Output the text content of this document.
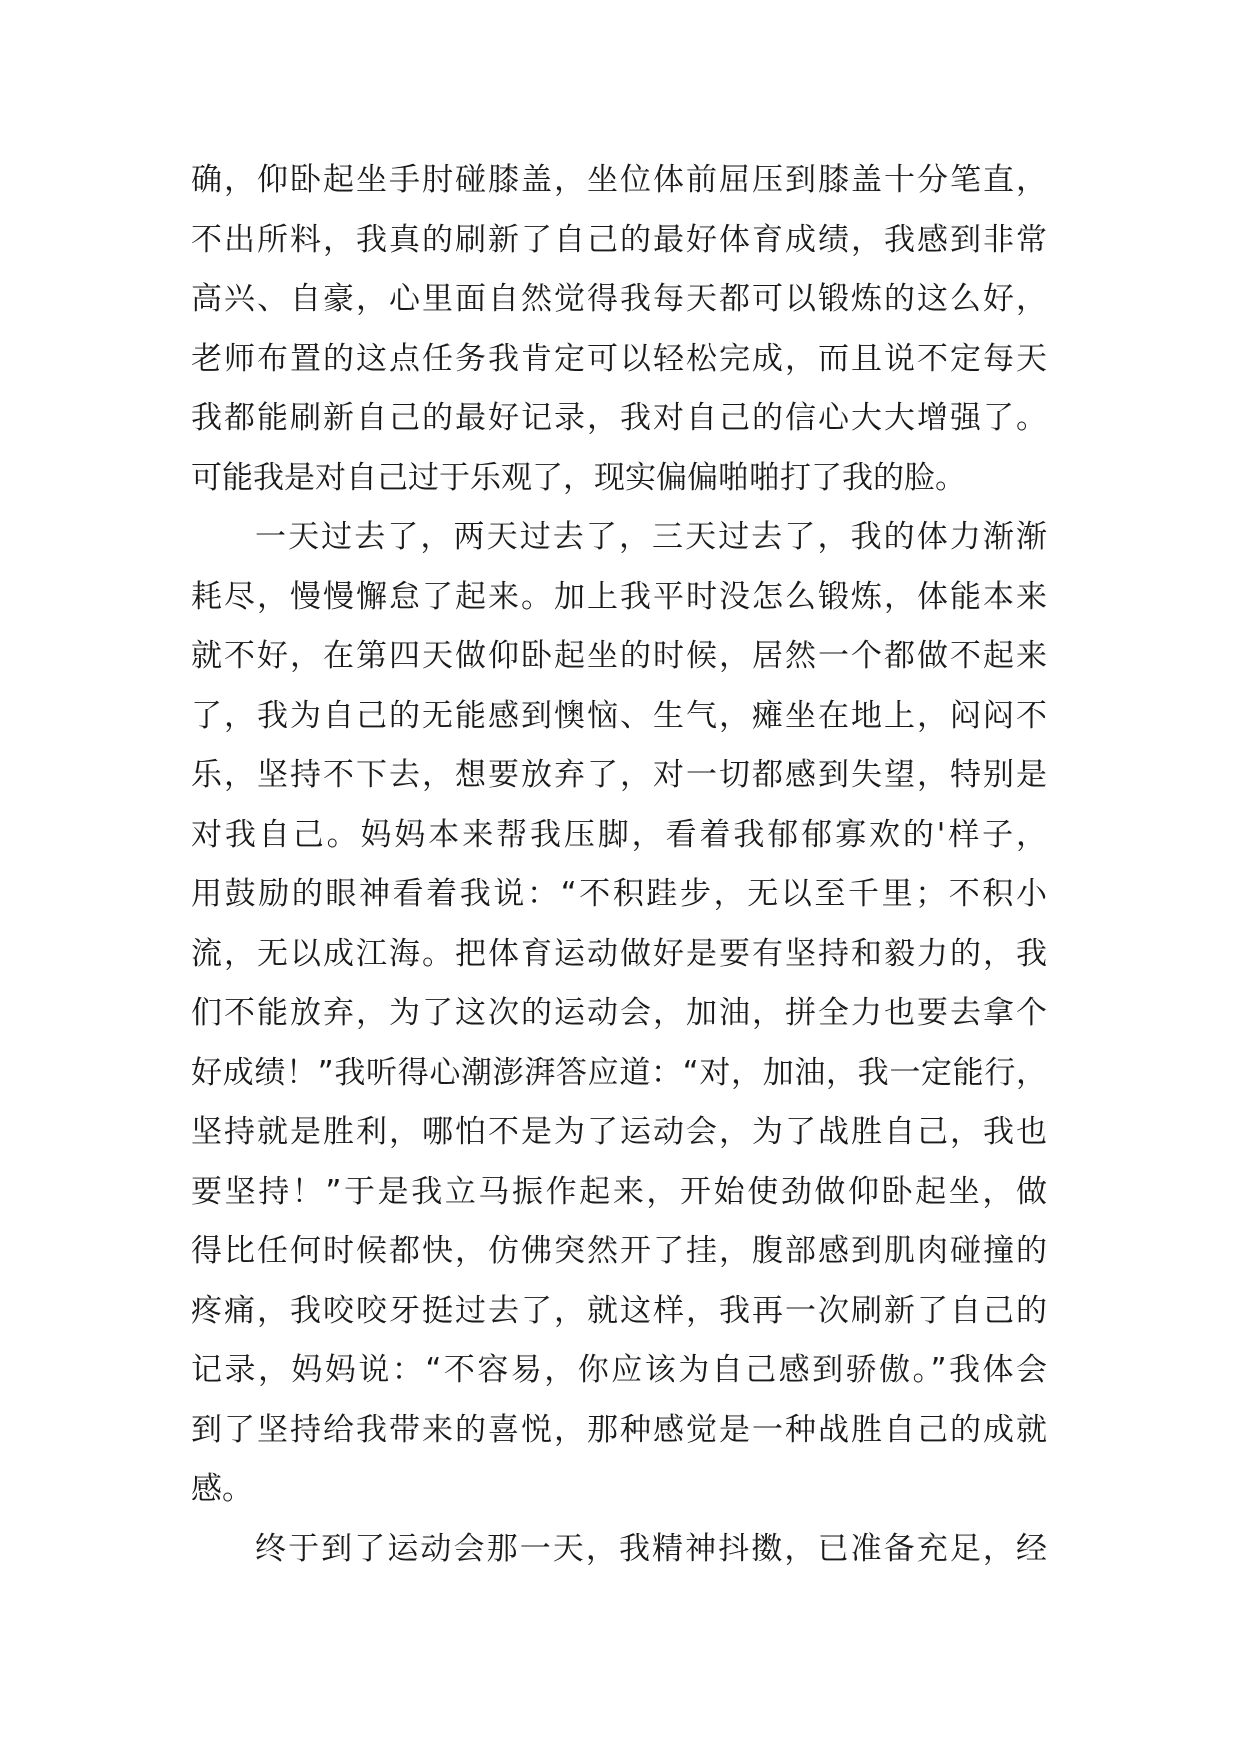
确，仰卧起坐手肘碰膝盖，坐位体前屈压到膝盖十分笔直，
不出所料，我真的刷新了自己的最好体育成绩，我感到非常
高兴、自豪，心里面自然觉得我每天都可以锻炼的这么好，
老师布置的这点任务我肯定可以轻松完成，而且说不定每天
我都能刷新自己的最好记录，我对自己的信心大大增强了。
可能我是对自己过于乐观了，现实偏偏啪啪打了我的脸。
一天过去了，两天过去了，三天过去了，我的体力渐渐
耗尽，慢慢懈怠了起来。加上我平时没怎么锻炼，体能本来
就不好，在第四天做仰卧起坐的时候，居然一个都做不起来
了，我为自己的无能感到懊恼、生气，瘫坐在地上，闷闷不
乐，坚持不下去，想要放弃了，对一切都感到失望，特别是
对我自己。妈妈本来帮我压脚，看着我郁郁寡欢的'样子，
用鼓励的眼神看着我说：“不积跬步，无以至千里；不积小
流，无以成江海。把体育运动做好是要有坚持和毅力的，我
们不能放弃，为了这次的运动会，加油，拼全力也要去拿个
好成绩！”我听得心潮澎湃答应道：“对，加油，我一定能行，
坚持就是胜利，哪怕不是为了运动会，为了战胜自己，我也
要坚持！”于是我立马振作起来，开始使劲做仰卧起坐，做
得比任何时候都快，仿佛突然开了挂，腹部感到肌肉碰撞的
疼痛，我咬咬牙挺过去了，就这样，我再一次刷新了自己的
记录，妈妈说：“不容易，你应该为自己感到骄傲。”我体会
到了坚持给我带来的喜悦，那种感觉是一种战胜自己的成就
感。
终于到了运动会那一天，我精神抖擞，已准备充足，经
